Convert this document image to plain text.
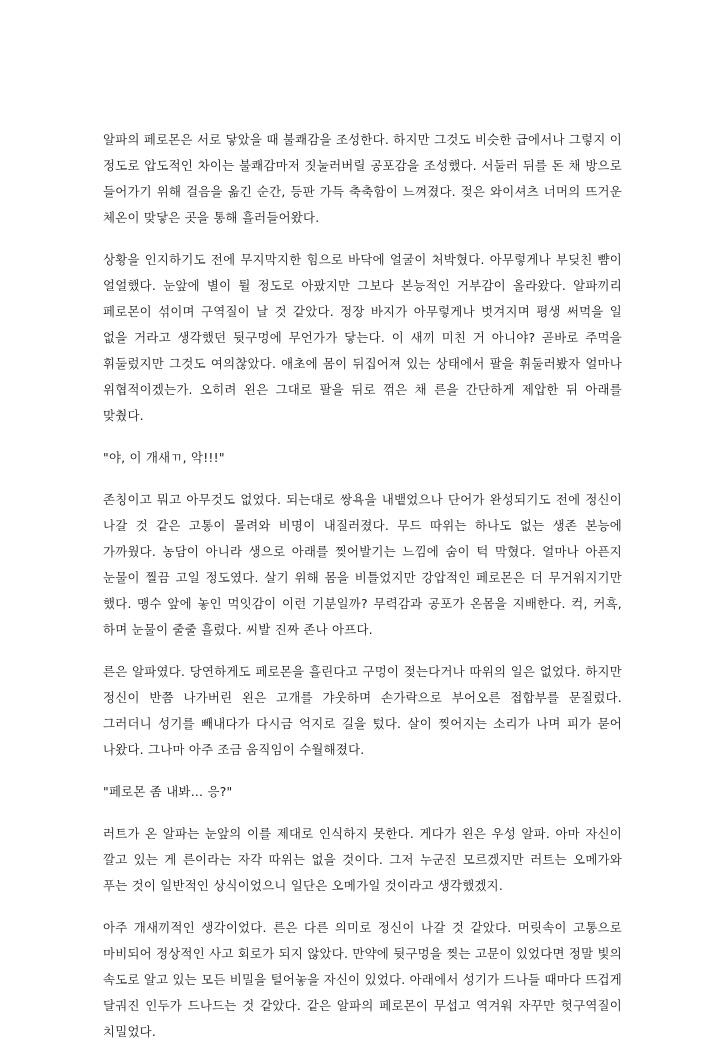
알파의 페로몬은 서로 닿았을 때 불쾌감을 조성한다. 하지만 그것도 비슷한 급에서나 그렇지 이 정도로 압도적인 차이는 불쾌감마저 짓눌러버릴 공포감을 조성했다. 서둘러 뒤를 돈 채 방으로 들어가기 위해 걸음을 옮긴 순간, 등판 가득 축축함이 느껴졌다. 젖은 와이셔츠 너머의 뜨거운 체온이 맞닿은 곳을 통해 흘러들어왔다.

상황을 인지하기도 전에 무지막지한 힘으로 바닥에 얼굴이 처박혔다. 아무렇게나 부딪친 뺨이 얼얼했다. 눈앞에 별이 튈 정도로 아팠지만 그보다 본능적인 거부감이 올라왔다. 알파끼리 페로몬이 섞이며 구역질이 날 것 같았다. 정장 바지가 아무렇게나 벗겨지며 평생 써먹을 일 없을 거라고 생각했던 뒷구멍에 무언가가 닿는다. 이 새끼 미친 거 아니야? 곧바로 주먹을 휘둘렀지만 그것도 여의찮았다. 애초에 몸이 뒤집어져 있는 상태에서 팔을 휘둘러봤자 얼마나 위협적이겠는가. 오히려 왼은 그대로 팔을 뒤로 꺾은 채 른을 간단하게 제압한 뒤 아래를 맞췄다.

"야, 이 개새ㄲ, 악!!!"

존칭이고 뭐고 아무것도 없었다. 되는대로 쌍욕을 내뱉었으나 단어가 완성되기도 전에 정신이 나갈 것 같은 고통이 몰려와 비명이 내질러졌다. 무드 따위는 하나도 없는 생존 본능에 가까웠다. 농담이 아니라 생으로 아래를 찢어발기는 느낌에 숨이 턱 막혔다. 얼마나 아픈지 눈물이 찔끔 고일 정도였다. 살기 위해 몸을 비틀었지만 강압적인 페로몬은 더 무거워지기만 했다. 맹수 앞에 놓인 먹잇감이 이런 기분일까? 무력감과 공포가 온몸을 지배한다. 컥, 커흑, 하며 눈물이 줄줄 흘렀다. 씨발 진짜 존나 아프다.

른은 알파였다. 당연하게도 페로몬을 흘린다고 구멍이 젖는다거나 따위의 일은 없었다. 하지만 정신이 반쯤 나가버린 왼은 고개를 갸웃하며 손가락으로 부어오른 접합부를 문질렀다. 그러더니 성기를 빼내다가 다시금 억지로 길을 텄다. 살이 찢어지는 소리가 나며 피가 묻어 나왔다. 그나마 아주 조금 움직임이 수월해졌다.

"페로몬 좀 내봐… 응?"

러트가 온 알파는 눈앞의 이를 제대로 인식하지 못한다. 게다가 왼은 우성 알파. 아마 자신이 깔고 있는 게 른이라는 자각 따위는 없을 것이다. 그저 누군진 모르겠지만 러트는 오메가와 푸는 것이 일반적인 상식이었으니 일단은 오메가일 것이라고 생각했겠지.

아주 개새끼적인 생각이었다. 른은 다른 의미로 정신이 나갈 것 같았다. 머릿속이 고통으로 마비되어 정상적인 사고 회로가 되지 않았다. 만약에 뒷구멍을 찢는 고문이 있었다면 정말 빛의 속도로 알고 있는 모든 비밀을 털어놓을 자신이 있었다. 아래에서 성기가 드나들 때마다 뜨겁게 달궈진 인두가 드나드는 것 같았다. 같은 알파의 페로몬이 무섭고 역겨워 자꾸만 헛구역질이 치밀었다.
